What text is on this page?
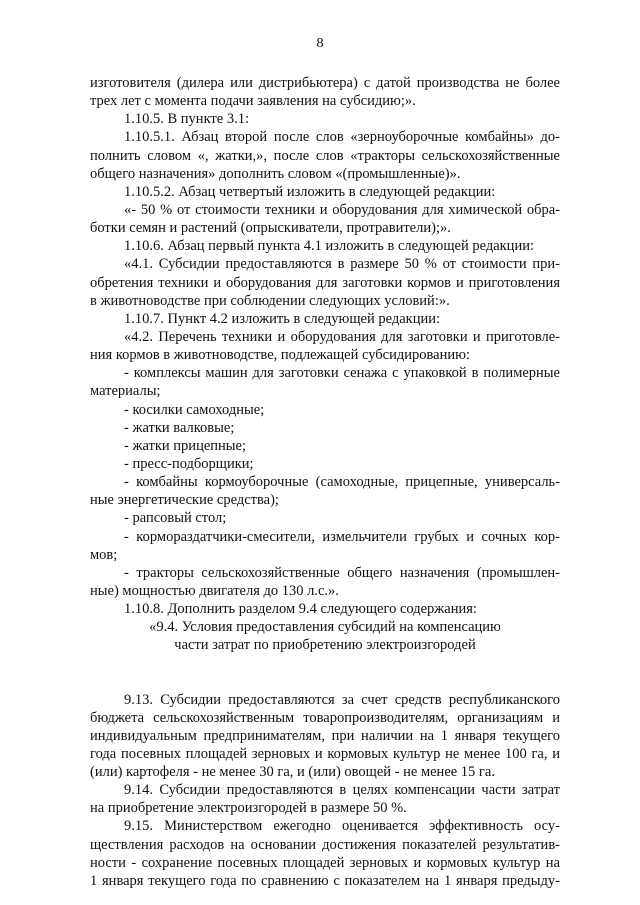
8
изготовителя (дилера или дистрибьютера) с датой производства не более
трех лет с момента подачи заявления на субсидию;».
1.10.5. В пункте 3.1:
1.10.5.1. Абзац второй после слов «зерноуборочные комбайны» до-
полнить словом «, жатки,», после слов «тракторы сельскохозяйственные
общего назначения» дополнить словом «(промышленные)».
1.10.5.2. Абзац четвертый изложить в следующей редакции:
«- 50 % от стоимости техники и оборудования для химической обра-
ботки семян и растений (опрыскиватели, протравители);».
1.10.6. Абзац первый пункта 4.1 изложить в следующей редакции:
«4.1. Субсидии предоставляются в размере 50 % от стоимости при-
обретения техники и оборудования для заготовки кормов и приготовления
в животноводстве при соблюдении следующих условий:».
1.10.7. Пункт 4.2 изложить в следующей редакции:
«4.2. Перечень техники и оборудования для заготовки и приготовле-
ния кормов в животноводстве, подлежащей субсидированию:
- комплексы машин для заготовки сенажа с упаковкой в полимерные
материалы;
- косилки самоходные;
- жатки валковые;
- жатки прицепные;
- пресс-подборщики;
- комбайны кормоуборочные (самоходные, прицепные, универсаль-
ные энергетические средства);
- рапсовый стол;
- кормораздатчики-смесители, измельчители грубых и сочных кор-
мов;
- тракторы сельскохозяйственные общего назначения (промышлен-
ные) мощностью двигателя до 130 л.с.».
1.10.8. Дополнить разделом 9.4 следующего содержания:
«9.4. Условия предоставления субсидий на компенсацию
части затрат по приобретению электроизгородей
9.13. Субсидии предоставляются за счет средств республиканского
бюджета сельскохозяйственным товаропроизводителям, организациям и
индивидуальным предпринимателям, при наличии на 1 января текущего
года посевных площадей зерновых и кормовых культур не менее 100 га, и
(или) картофеля - не менее 30 га, и (или) овощей - не менее 15 га.
9.14. Субсидии предоставляются в целях компенсации части затрат
на приобретение электроизгородей в размере 50 %.
9.15. Министерством ежегодно оценивается эффективность осу-
ществления расходов на основании достижения показателей результатив-
ности - сохранение посевных площадей зерновых и кормовых культур на
1 января текущего года по сравнению с показателем на 1 января предыду-
